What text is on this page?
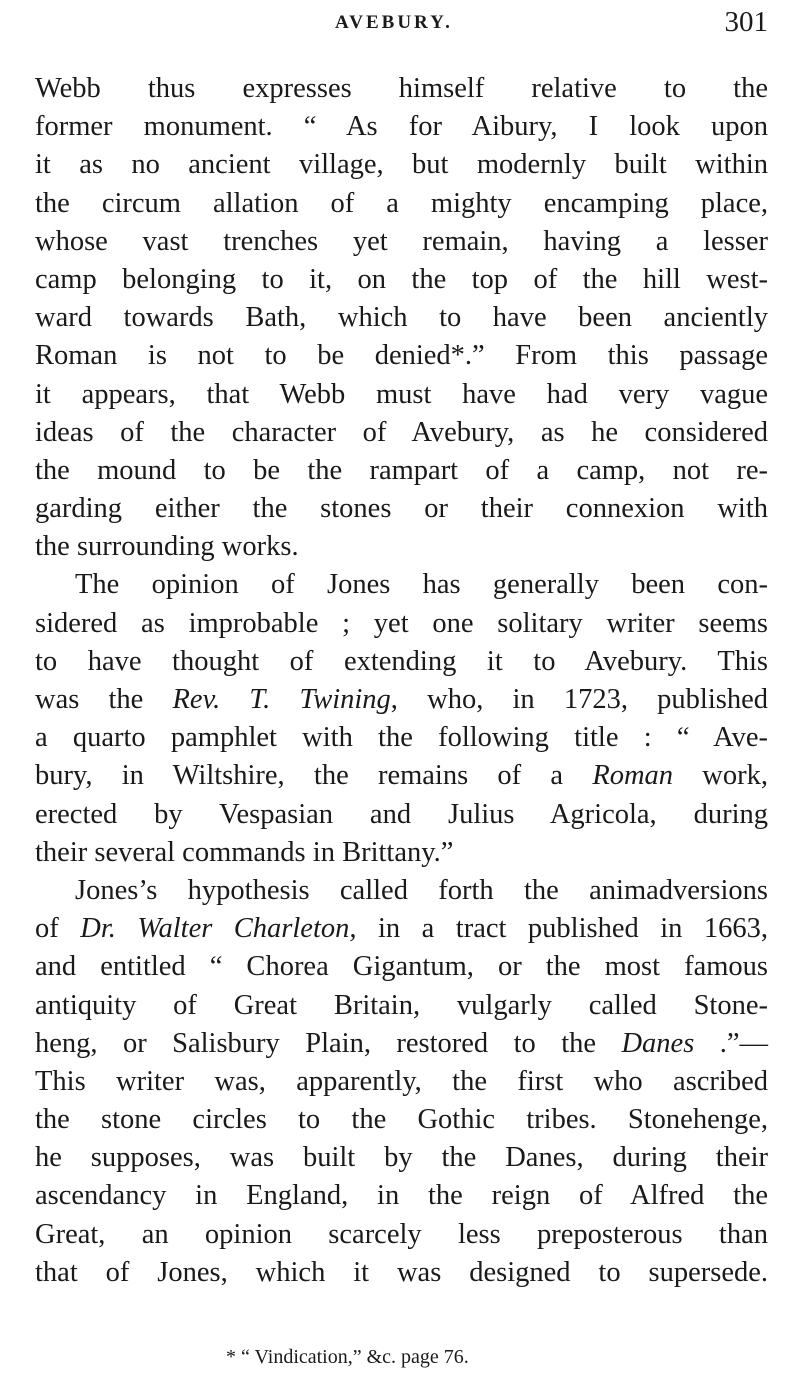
AVEBURY.	301
Webb thus expresses himself relative to the
former monument. “ As for Aibury, I look upon
it as no ancient village, but modernly built within
the circum allation of a mighty encamping place,
whose vast trenches yet remain, having a lesser
camp belonging to it, on the top of the hill west-
ward towards Bath, which to have been anciently
Roman is not to be denied*.” From this passage
it appears, that Webb must have had very vague
ideas of the character of Avebury, as he considered
the mound to be the rampart of a camp, not re-
garding either the stones or their connexion with
the surrounding works.
The opinion of Jones has generally been con-
sidered as improbable ; yet one solitary writer seems
to have thought of extending it to Avebury. This
was the Rev. T. Twining, who, in 1723, published
a quarto pamphlet with the following title : “ Ave-
bury, in Wiltshire, the remains of a Roman work,
erected by Vespasian and Julius Agricola, during
their several commands in Brittany.”
Jones’s hypothesis called forth the animadversions
of Dr. Walter Charleton, in a tract published in 1663,
and entitled “ Chorea Gigantum, or the most famous
antiquity of Great Britain, vulgarly called Stone-
heng, or Salisbury Plain, restored to the Danes .”—
This writer was, apparently, the first who ascribed
the stone circles to the Gothic tribes. Stonehenge,
he supposes, was built by the Danes, during their
ascendancy in England, in the reign of Alfred the
Great, an opinion scarcely less preposterous than
that of Jones, which it was designed to supersede.
* “ Vindication,” &c. page 76.
